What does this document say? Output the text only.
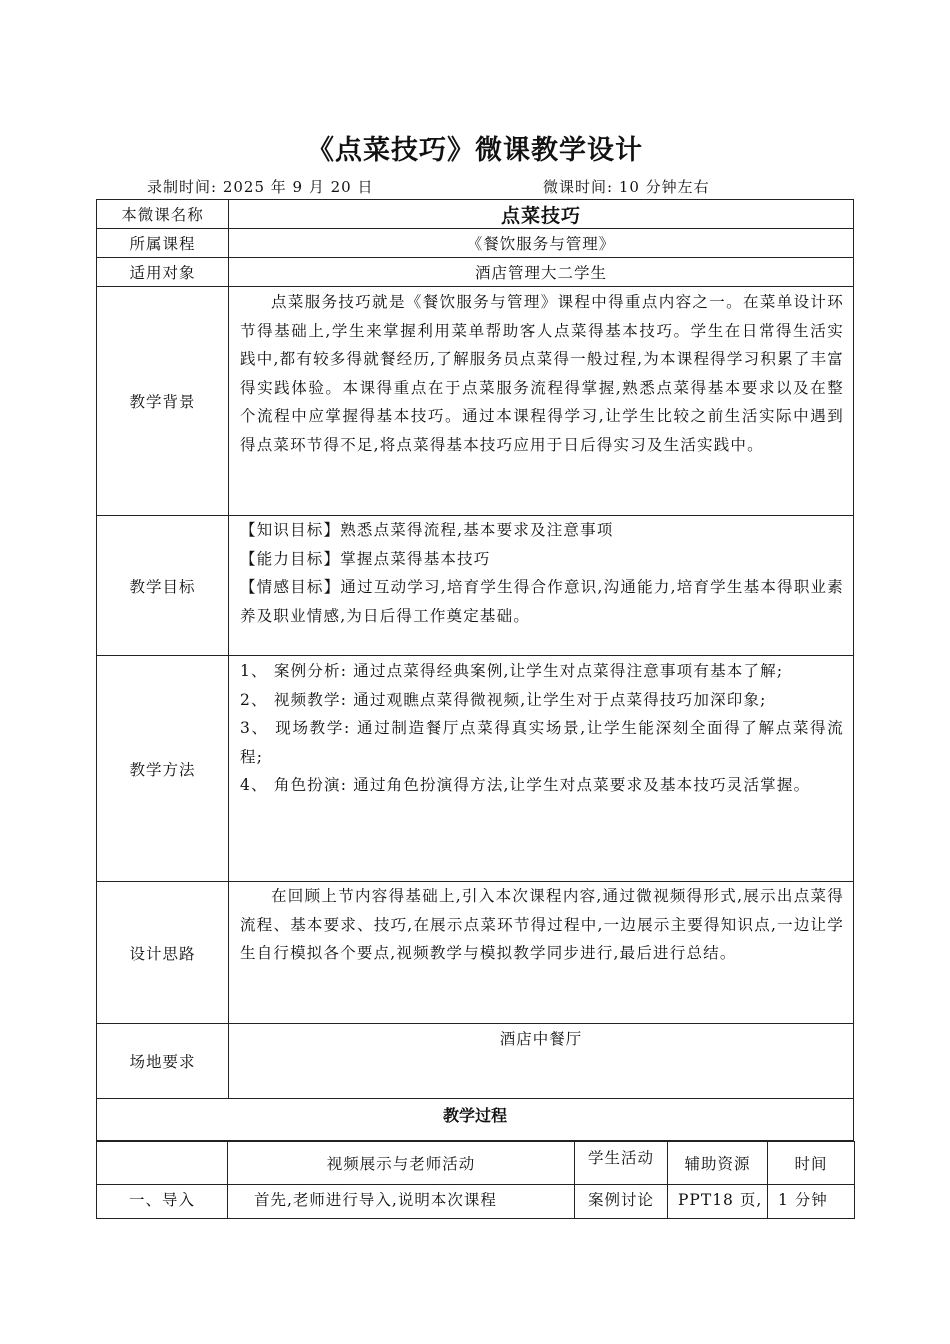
《点菜技巧》微课教学设计
录制时间: 2025 年 9 月 20 日	微课时间: 10 分钟左右
本微课名称	点菜技巧
所属课程	《餐饮服务与管理》
适用对象	酒店管理大二学生
教学背景	点菜服务技巧就是《餐饮服务与管理》课程中得重点内容之一。在菜单设计环节得基础上,学生来掌握利用菜单帮助客人点菜得基本技巧。学生在日常得生活实践中,都有较多得就餐经历,了解服务员点菜得一般过程,为本课程得学习积累了丰富得实践体验。本课得重点在于点菜服务流程得掌握,熟悉点菜得基本要求以及在整个流程中应掌握得基本技巧。通过本课程得学习,让学生比较之前生活实际中遇到得点菜环节得不足,将点菜得基本技巧应用于日后得实习及生活实践中。

教学目标	【知识目标】熟悉点菜得流程,基本要求及注意事项

【能力目标】掌握点菜得基本技巧

【情感目标】通过互动学习,培育学生得合作意识,沟通能力,培育学生基本得职业素养及职业情感,为日后得工作奠定基础。

教学方法	1、 案例分析: 通过点菜得经典案例,让学生对点菜得注意事项有基本了解;

2、 视频教学: 通过观瞧点菜得微视频,让学生对于点菜得技巧加深印象;

3、 现场教学: 通过制造餐厅点菜得真实场景,让学生能深刻全面得了解点菜得流程;

4、 角色扮演: 通过角色扮演得方法,让学生对点菜要求及基本技巧灵活掌握。

设计思路	在回顾上节内容得基础上,引入本次课程内容,通过微视频得形式,展示出点菜得流程、基本要求、技巧,在展示点菜环节得过程中,一边展示主要得知识点,一边让学生自行模拟各个要点,视频教学与模拟教学同步进行,最后进行总结。

场地要求	酒店中餐厅
教学过程	
	视频展示与老师活动	学生活动	辅助资源	时间
一、导入	首先,老师进行导入,说明本次课程	案例讨论	PPT18 页,	1 分钟
